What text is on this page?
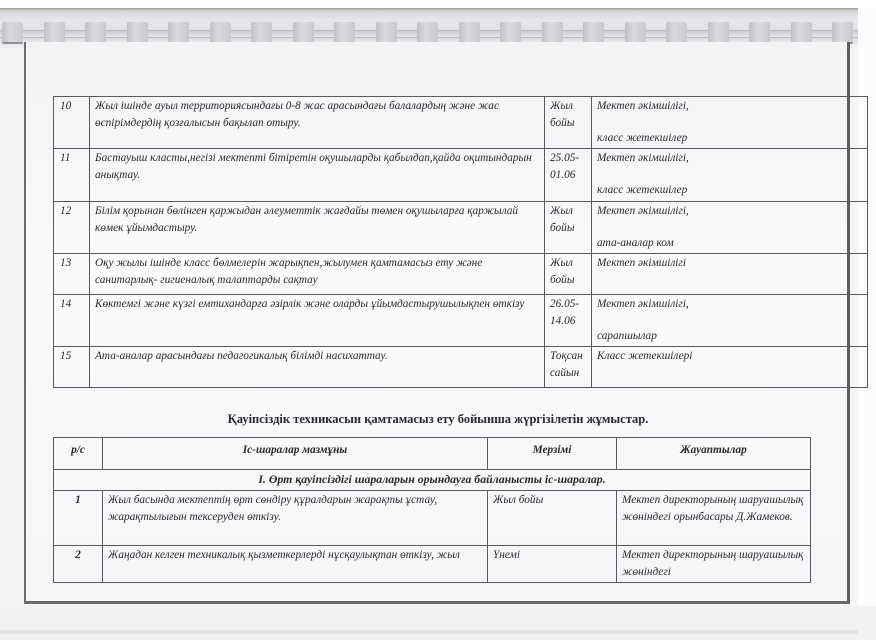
10	Жыл ішінде ауыл территориясындағы 0-8 жас арасындағы балалардың және жас өспірімдердің қозғалысын бақылап отыру.	Жыл бойы	Мектеп әкімшілігі,
класс жетекшілер
11	Бастауыш класты,негізі мектепті бітіретін оқушыларды қабылдап,қайда оқитындарын анықтау.	25.05- 01.06	Мектеп әкімшілігі,
класс жетекшілер
12	Білім қорынан бөлінген қаржыдан әлеуметтік жағдайы төмен оқушыларға қаржылай көмек ұйымдастыру.	Жыл бойы	Мектеп әкімшілігі,
ата-аналар ком
13	Оқу жылы ішінде класс бөлмелерін жарықпен,жылумен қамтамасыз ету және санитарлық- гигиеналық талаптарды сақтау	Жыл бойы	Мектеп әкімшілігі
14	Көктемгі және күзгі емтихандарға әзірлік және оларды ұйымдастырушылықпен өткізу	26.05- 14.06	Мектеп әкімшілігі,
сарапшылар
15	Ата-аналар арасындағы педагогикалық білімді насихаттау.	Тоқсан сайын	Класс жетекшілері
Қауіпсіздік техникасын қамтамасыз ету бойынша жүргізілетін жұмыстар.
р/с	Іс-шаралар мазмұны	Мерзімі	Жауаптылар
I. Өрт қауіпсіздігі шараларын орындауға байланысты іс-шаралар.			
1	Жыл басында мектептің өрт сөндіру құралдарын жарақты ұстау, жарақтылығын тексеруден өткізу.	Жыл бойы	Мектеп директорының шаруашылық жөніндегі орынбасары Д.Жамеков.
2	Жаңадан келген техникалық қызметкерлерді нұсқаулықтан өткізу, жыл	Үнемі	Мектеп директорының шаруашылық жөніндегі
